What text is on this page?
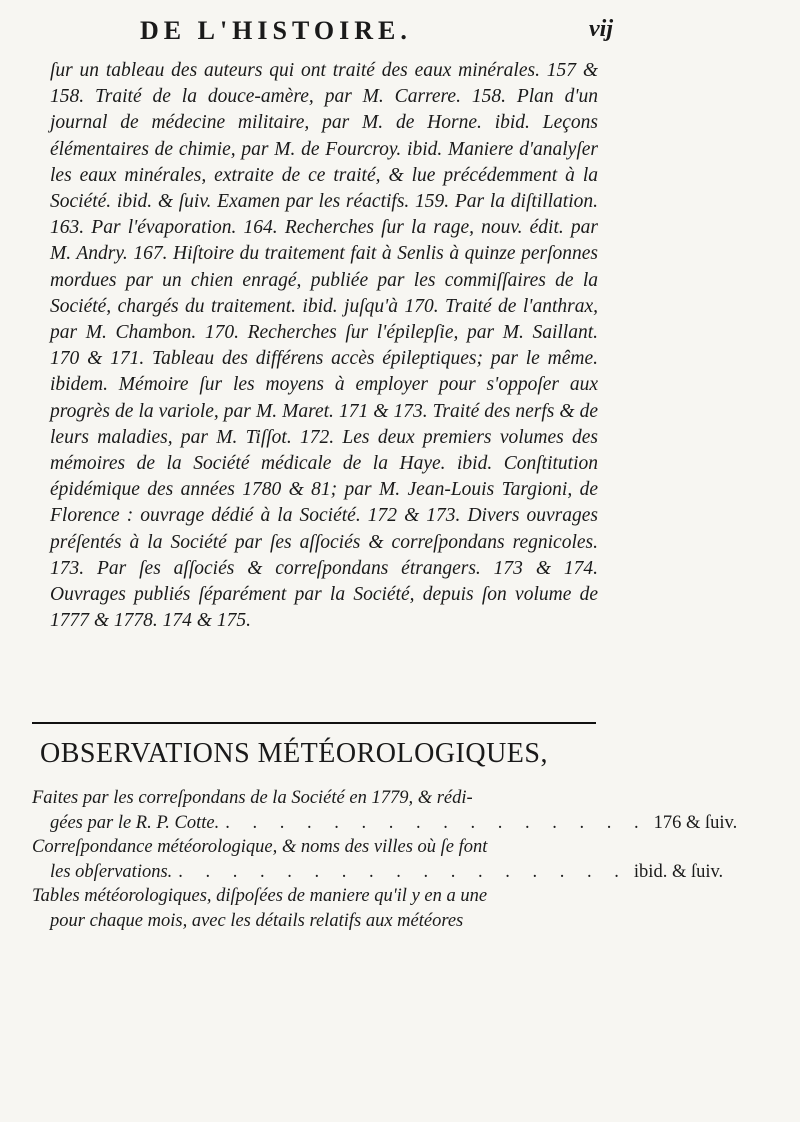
DE L'HISTOIRE.	vij

ſur un tableau des auteurs qui ont traité des eaux minérales. 157 & 158. Traité de la douce-amère, par M. Carrere. 158. Plan d'un journal de médecine militaire, par M. de Horne. ibid. Leçons élémentaires de chimie, par M. de Fourcroy. ibid. Maniere d'analyſer les eaux minérales, extraite de ce traité, & lue précédemment à la Société. ibid. & ſuiv. Examen par les réactifs. 159. Par la diſtillation. 163. Par l'évaporation. 164. Recherches ſur la rage, nouv. édit. par M. Andry. 167. Hiſtoire du traitement fait à Senlis à quinze perſonnes mordues par un chien enragé, publiée par les commiſſaires de la Société, chargés du traitement. ibid. juſqu'à 170. Traité de l'anthrax, par M. Chambon. 170. Recherches ſur l'épilepſie, par M. Saillant. 170 & 171. Tableau des différens accès épileptiques; par le même. ibidem. Mémoire ſur les moyens à employer pour s'oppoſer aux progrès de la variole, par M. Maret. 171 & 173. Traité des nerfs & de leurs maladies, par M. Tiſſot. 172. Les deux premiers volumes des mémoires de la Société médicale de la Haye. ibid. Conſtitution épidémique des années 1780 & 81; par M. Jean-Louis Targioni, de Florence : ouvrage dédié à la Société. 172 & 173. Divers ouvrages préſentés à la Société par ſes aſſociés & correſpondans regnicoles. 173. Par ſes aſſociés & correſpondans étrangers. 173 & 174. Ouvrages publiés ſéparément par la Société, depuis ſon volume de 1777 & 1778. 174 & 175.

OBSERVATIONS MÉTÉOROLOGIQUES,
Faites par les correſpondans de la Société en 1779, & rédi-
gées par le R. P. Cotte. . . . . . . . . . . . . . . . . 176 & ſuiv.
Correſpondance météorologique, & noms des villes où ſe font
les obſervations. . . . . . . . . . . . . . . . . . ibid. & ſuiv.
Tables météorologiques, diſpoſées de maniere qu'il y en a une
pour chaque mois, avec les détails relatifs aux météores
